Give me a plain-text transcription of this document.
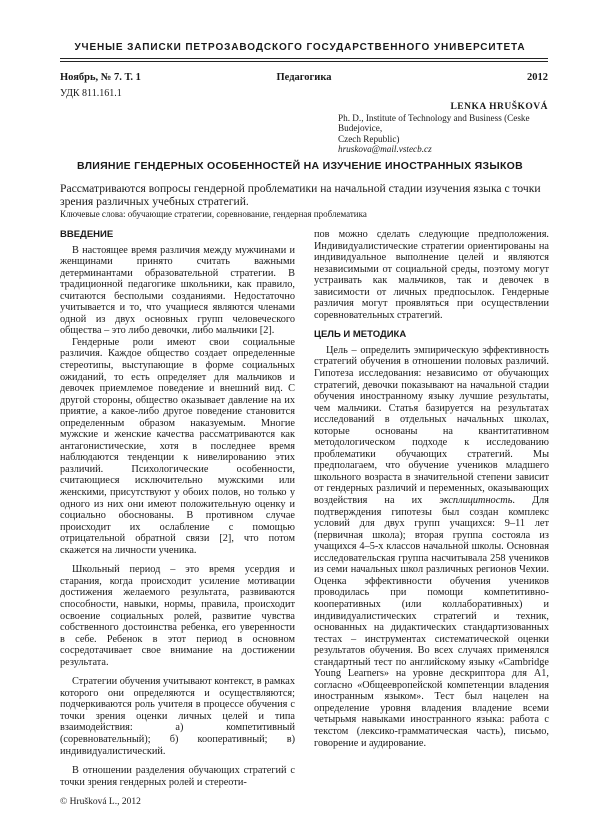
УЧЕНЫЕ ЗАПИСКИ ПЕТРОЗАВОДСКОГО ГОСУДАРСТВЕННОГО УНИВЕРСИТЕТА
Ноябрь, № 7. Т. 1	Педагогика	2012
УДК 811.161.1
LENKA HRUŠKOVÁ
Ph. D., Institute of Technology and Business (Ceske Budejovice,
Czech Republic)
hruskova@mail.vstecb.cz
ВЛИЯНИЕ ГЕНДЕРНЫХ ОСОБЕННОСТЕЙ НА ИЗУЧЕНИЕ ИНОСТРАННЫХ ЯЗЫКОВ
Рассматриваются вопросы гендерной проблематики на начальной стадии изучения языка с точки зрения различных учебных стратегий.
Ключевые слова: обучающие стратегии, соревнование, гендерная проблематика
ВВЕДЕНИЕ

В настоящее время различия между мужчинами и женщинами принято считать важными детерминантами образовательной стратегии. В традиционной педагогике школьники, как правило, считаются бесполыми созданиями. Недостаточно учитывается и то, что учащиеся являются членами одной из двух основных групп человеческого общества – это либо девочки, либо мальчики [2].

Гендерные роли имеют свои социальные различия. Каждое общество создает определенные стереотипы, выступающие в форме социальных ожиданий, то есть определяет для мальчиков и девочек приемлемое поведение и внешний вид. С другой стороны, общество оказывает давление на их приятие, а какое-либо другое поведение становится определенным образом наказуемым. Многие мужские и женские качества рассматриваются как антагонистические, хотя в последнее время наблюдаются тенденции к нивелированию этих различий. Психологические особенности, считающиеся исключительно мужскими или женскими, присутствуют у обоих полов, но только у одного из них они имеют положительную оценку и социально обоснованы. В противном случае происходит их ослабление с помощью отрицательной обратной связи [2], что потом скажется на личности ученика.

Школьный период – это время усердия и старания, когда происходит усиление мотивации достижения желаемого результата, развиваются способности, навыки, нормы, правила, происходит освоение социальных ролей, развитие чувства собственного достоинства ребенка, его уверенности в себе. Ребенок в этот период в основном сосредотачивает свое внимание на достижении результата.

Стратегии обучения учитывают контекст, в рамках которого они определяются и осуществляются; подчеркиваются роль учителя в процессе обучения с точки зрения оценки личных целей и типа взаимодействия: а) компетитивный (соревновательный); б) кооперативный; в) индивидуалистический.

В отношении разделения обучающих стратегий с точки зрения гендерных ролей и стереоти-

пов можно сделать следующие предположения. Индивидуалистические стратегии ориентированы на индивидуальное выполнение целей и являются независимыми от социальной среды, поэтому могут устраивать как мальчиков, так и девочек в зависимости от личных предпосылок. Гендерные различия могут проявляться при осуществлении соревновательных стратегий.

ЦЕЛЬ И МЕТОДИКА

Цель – определить эмпирическую эффективность стратегий обучения в отношении половых различий. Гипотеза исследования: независимо от обучающих стратегий, девочки показывают на начальной стадии обучения иностранному языку лучшие результаты, чем мальчики. Статья базируется на результатах исследований в отдельных начальных школах, которые основаны на квантитативном методологическом подходе к исследованию проблематики обучающих стратегий. Мы предполагаем, что обучение учеников младшего школьного возраста в значительной степени зависит от гендерных различий и переменных, оказывающих воздействия на их эксплицитность. Для подтверждения гипотезы был создан комплекс условий для двух групп учащихся: 9–11 лет (первичная школа); вторая группа состояла из учащихся 4–5-х классов начальной школы. Основная исследовательская группа насчитывала 258 учеников из семи начальных школ различных регионов Чехии. Оценка эффективности обучения учеников проводилась при помощи компетитивно-кооперативных (или коллаборативных) и индивидуалистических стратегий и техник, основанных на дидактических стандартизованных тестах – инструментах систематической оценки результатов обучения. Во всех случаях применялся стандартный тест по английскому языку «Cambridge Young Learners» на уровне дескриптора для A1, согласно «Общеевропейской компетенции владения иностранным языком». Тест был нацелен на определение уровня владения владение всеми четырьмя навыками иностранного языка: работа с текстом (лексико-грамматическая часть), письмо, говорение и аудирование.

© Hrušková L., 2012
